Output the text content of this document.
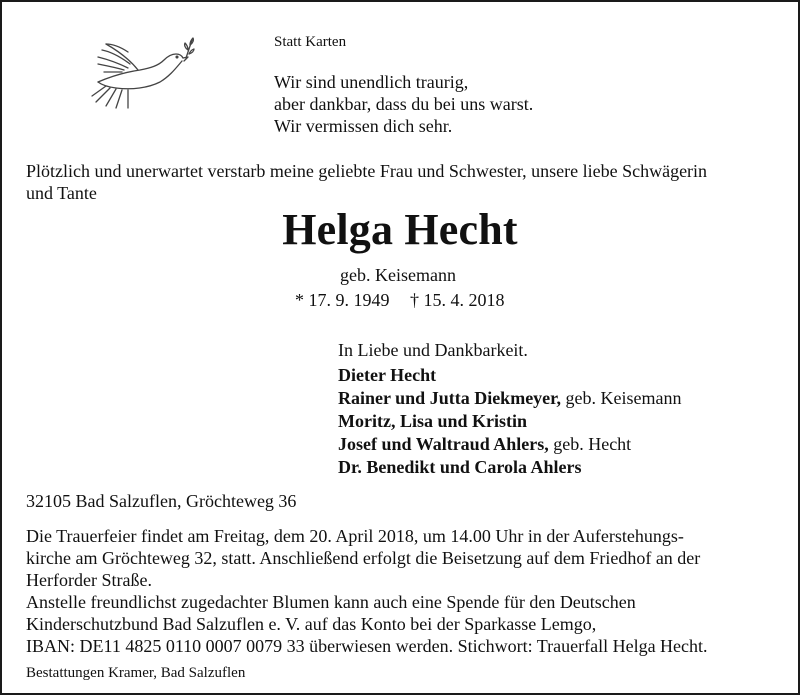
Statt Karten
Wir sind unendlich traurig,
aber dankbar, dass du bei uns warst.
Wir vermissen dich sehr.
Plötzlich und unerwartet verstarb meine geliebte Frau und Schwester, unsere liebe Schwägerin
und Tante
Helga Hecht
geb. Keisemann
* 17. 9. 1949 † 15. 4. 2018
In Liebe und Dankbarkeit.
Dieter Hecht
Rainer und Jutta Diekmeyer, geb. Keisemann
Moritz, Lisa und Kristin
Josef und Waltraud Ahlers, geb. Hecht
Dr. Benedikt und Carola Ahlers
32105 Bad Salzuflen, Gröchteweg 36
Die Trauerfeier findet am Freitag, dem 20. April 2018, um 14.00 Uhr in der Auferstehungs-
kirche am Gröchteweg 32, statt. Anschließend erfolgt die Beisetzung auf dem Friedhof an der
Herforder Straße.
Anstelle freundlichst zugedachter Blumen kann auch eine Spende für den Deutschen
Kinderschutzbund Bad Salzuflen e. V. auf das Konto bei der Sparkasse Lemgo,
IBAN: DE11 4825 0110 0007 0079 33 überwiesen werden. Stichwort: Trauerfall Helga Hecht.
Bestattungen Kramer, Bad Salzuflen
